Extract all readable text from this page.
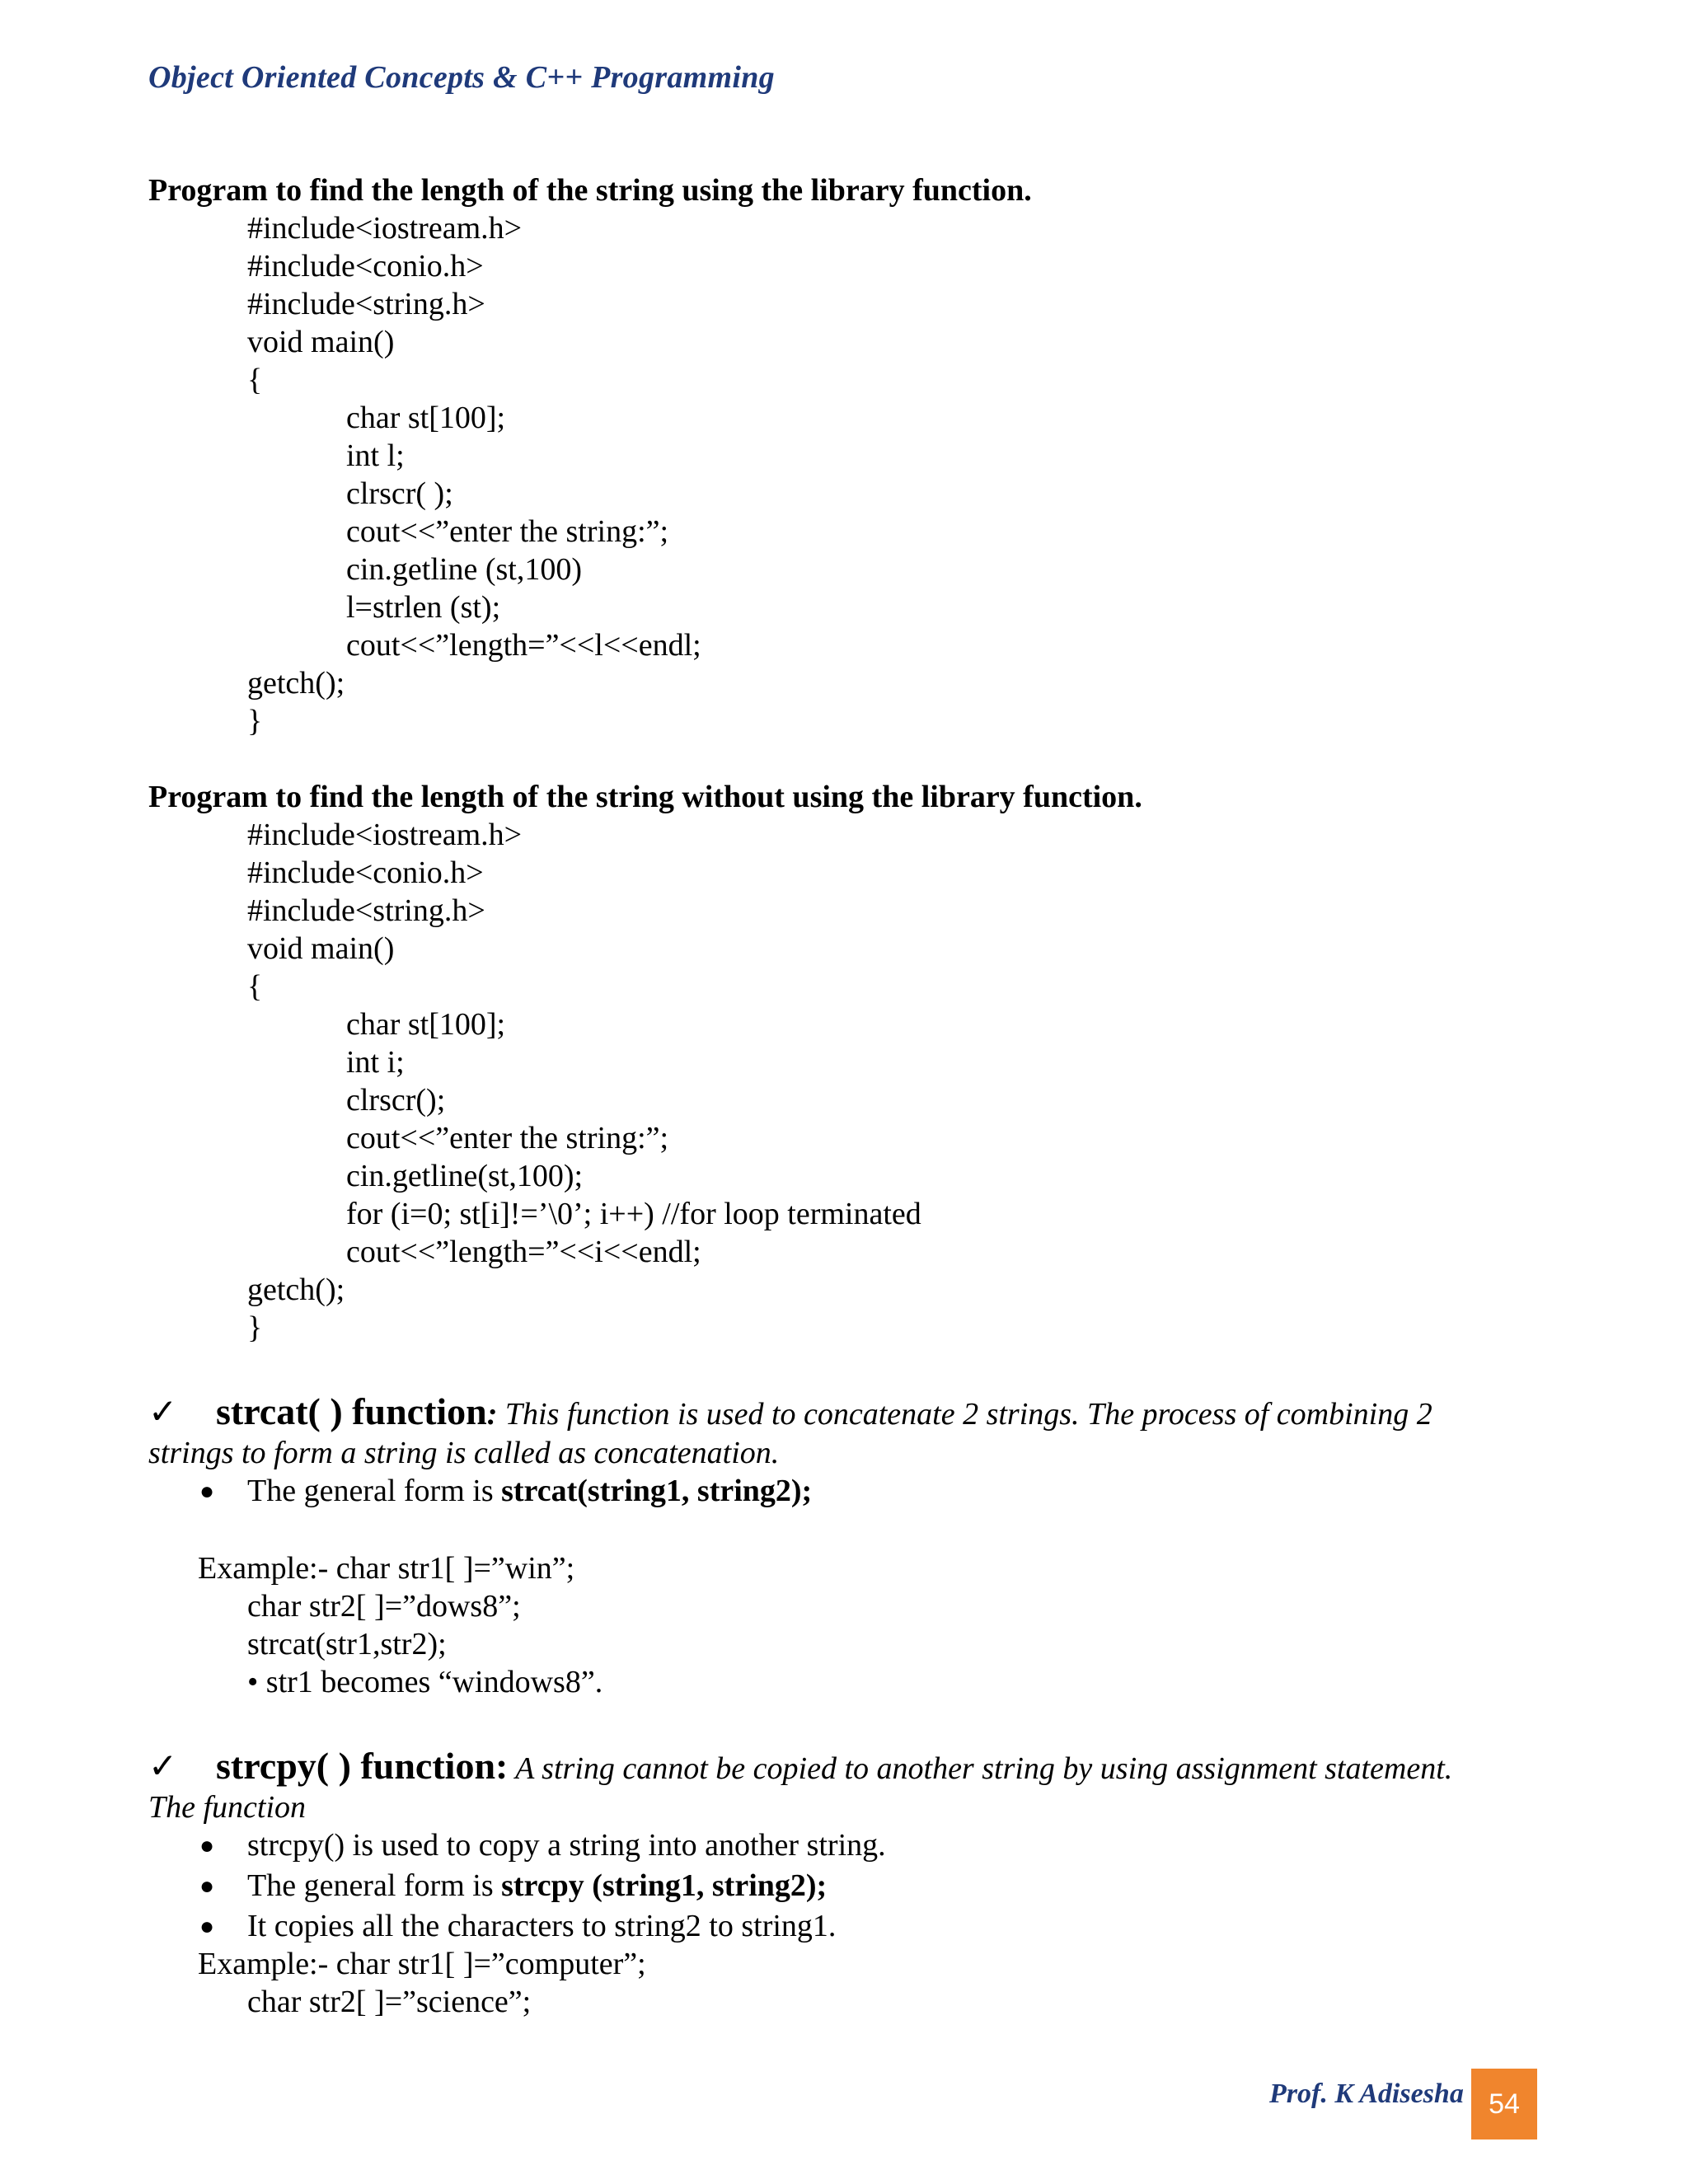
Object Oriented Concepts & C++ Programming
Program to find the length of the string using the library function.
#include<iostream.h>
#include<conio.h>
#include<string.h>
void main()
{
char st[100];
int l;
clrscr( );
cout<<”enter the string:”;
cin.getline (st,100)
l=strlen (st);
cout<<”length=”<<l<<endl;
getch();
}
Program to find the length of the string without using the library function.
#include<iostream.h>
#include<conio.h>
#include<string.h>
void main()
{
char st[100];
int i;
clrscr();
cout<<”enter the string:”;
cin.getline(st,100);
for (i=0; st[i]!=’\0’; i++) //for loop terminated
cout<<”length=”<<i<<endl;
getch();
}
✓ strcat( ) function: This function is used to concatenate 2 strings. The process of combining 2
strings to form a string is called as concatenation.
● The general form is strcat(string1, string2);
Example:- char str1[ ]=”win”;
char str2[ ]=”dows8”;
strcat(str1,str2);
• str1 becomes “windows8”.
✓ strcpy( ) function: A string cannot be copied to another string by using assignment statement.
The function
● strcpy() is used to copy a string into another string.
● The general form is strcpy (string1, string2);
● It copies all the characters to string2 to string1.
Example:- char str1[ ]=”computer”;
char str2[ ]=”science”;
Prof. K Adisesha 54
